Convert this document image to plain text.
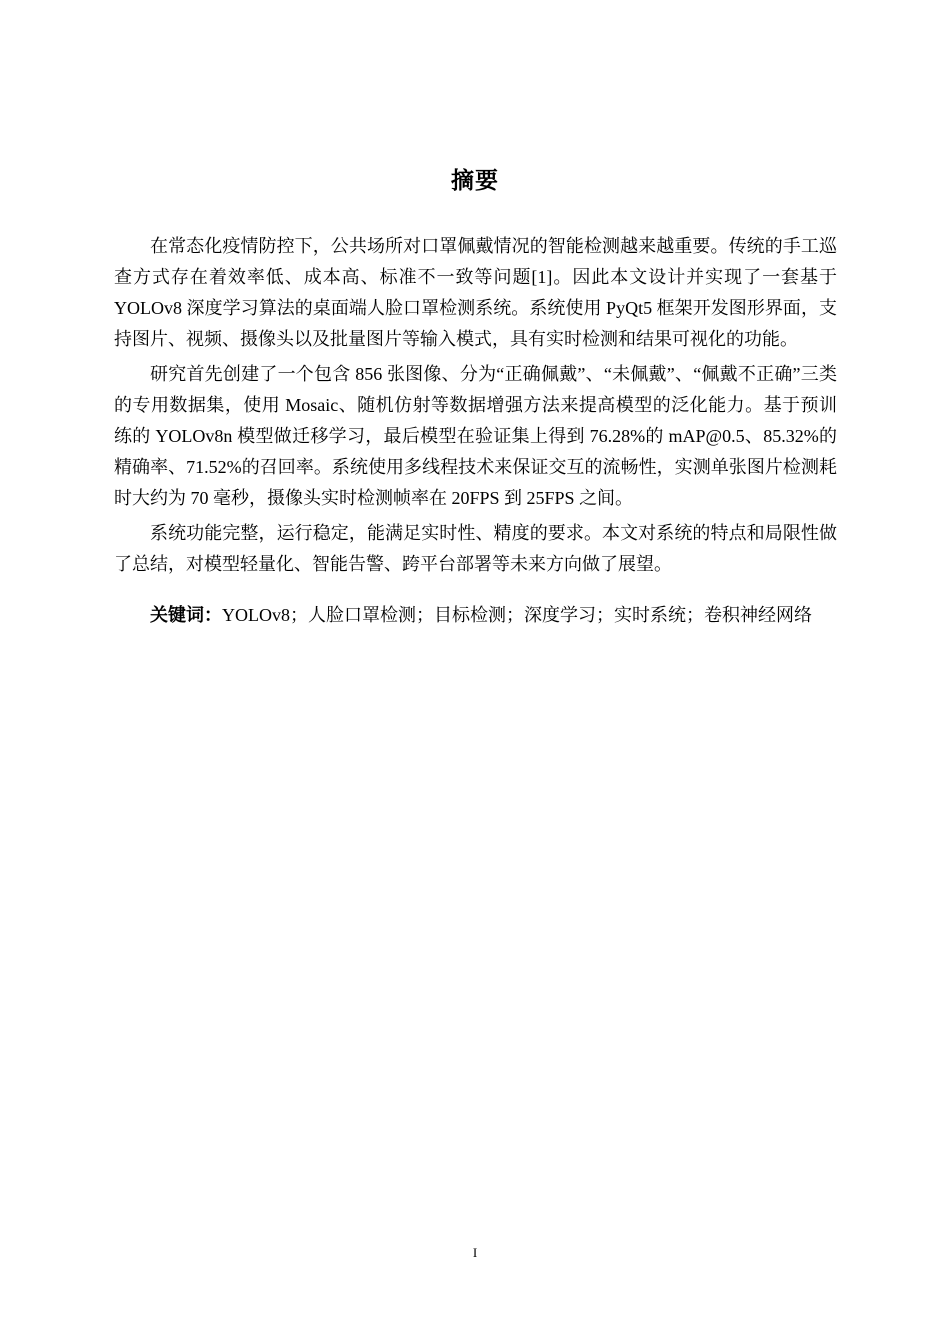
摘要

在常态化疫情防控下，公共场所对口罩佩戴情况的智能检测越来越重要。传统的手工巡查方式存在着效率低、成本高、标准不一致等问题[1]。因此本文设计并实现了一套基于 YOLOv8 深度学习算法的桌面端人脸口罩检测系统。系统使用 PyQt5 框架开发图形界面，支持图片、视频、摄像头以及批量图片等输入模式，具有实时检测和结果可视化的功能。

研究首先创建了一个包含 856 张图像、分为“正确佩戴”、“未佩戴”、“佩戴不正确”三类的专用数据集，使用 Mosaic、随机仿射等数据增强方法来提高模型的泛化能力。基于预训练的 YOLOv8n 模型做迁移学习，最后模型在验证集上得到 76.28%的 mAP@0.5、85.32%的精确率、71.52%的召回率。系统使用多线程技术来保证交互的流畅性，实测单张图片检测耗时大约为 70 毫秒，摄像头实时检测帧率在 20FPS 到 25FPS 之间。

系统功能完整，运行稳定，能满足实时性、精度的要求。本文对系统的特点和局限性做了总结，对模型轻量化、智能告警、跨平台部署等未来方向做了展望。

关键词：YOLOv8；人脸口罩检测；目标检测；深度学习；实时系统；卷积神经网络

I
